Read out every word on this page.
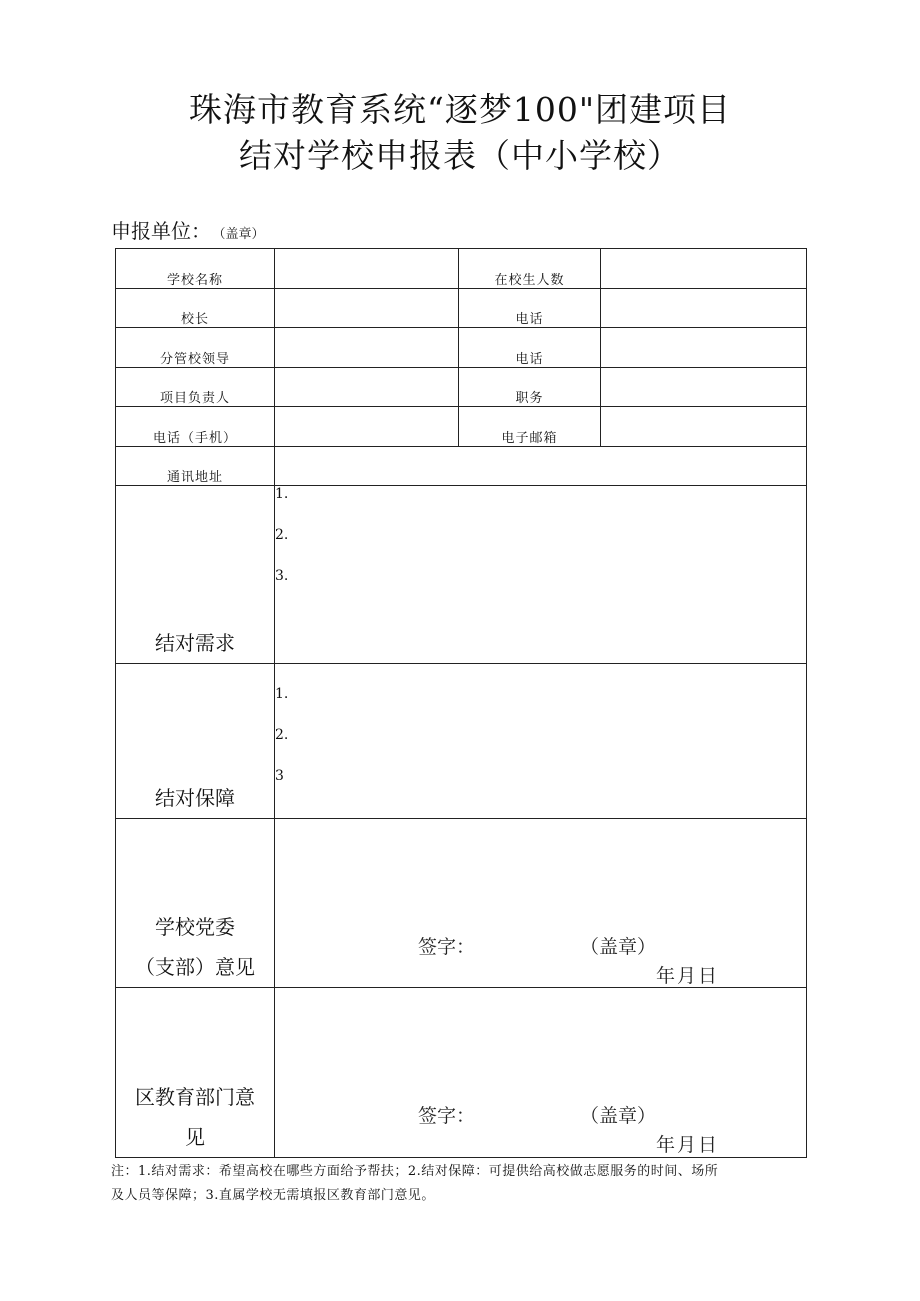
珠海市教育系统“逐梦100"团建项目
结对学校申报表（中小学校）
申报单位： （盖章）
学校名称		在校生人数	
校长		电话	
分管校领导		电话	
项目负责人		职务	
电话（手机）		电子邮箱	
通讯地址			
结对需求	1.
2.
3.		

结对保障	1.
2.
3		

学校党委
（支部）意见	签字： （盖章）
年月日		

区教育部门意
见	签字： （盖章）
年月日		
注：1.结对需求：希望高校在哪些方面给予帮扶；2.结对保障：可提供给高校做志愿服务的时间、场所
及人员等保障；3.直属学校无需填报区教育部门意见。
